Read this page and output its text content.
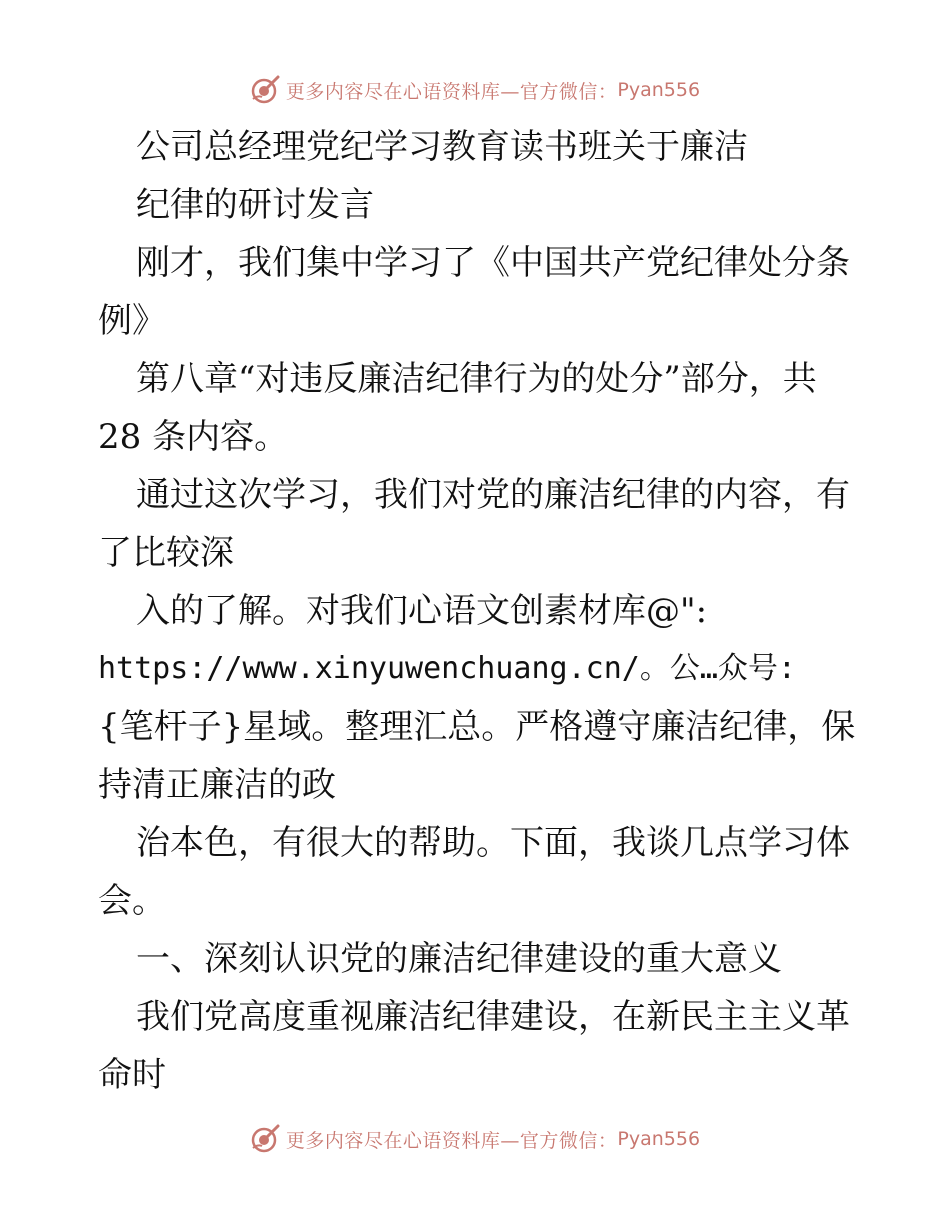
更多内容尽在心语资料库—官方微信： Pyan556
公司总经理党纪学习教育读书班关于廉洁
纪律的研讨发言
刚才，我们集中学习了《中国共产党纪律处分条
例》
第八章“对违反廉洁纪律行为的处分”部分，共
28 条内容。
通过这次学习，我们对党的廉洁纪律的内容，有
了比较深
入的了解。对我们心语文创素材库@":
https://www.xinyuwenchuang.cn/。公…众号:
{笔杆子}星域。整理汇总。严格遵守廉洁纪律，保
持清正廉洁的政
治本色，有很大的帮助。下面，我谈几点学习体
会。
一、深刻认识党的廉洁纪律建设的重大意义
我们党高度重视廉洁纪律建设，在新民主主义革
命时
更多内容尽在心语资料库—官方微信： Pyan556
